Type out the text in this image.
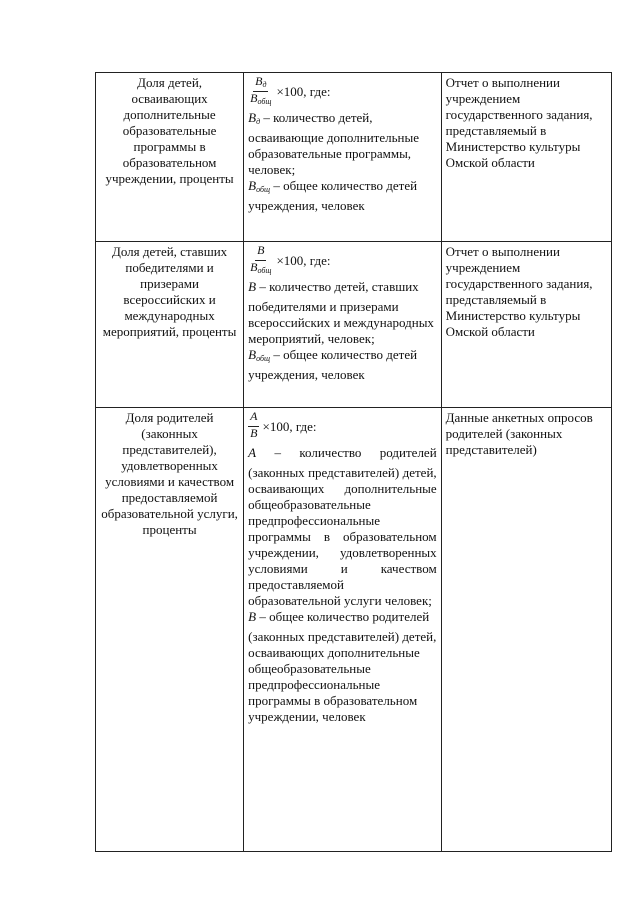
Доля детей, осваивающих дополнительные образовательные программы в образовательном учреждении, проценты	$\frac{B_д}{B_{общ}} \times 100$, где:
$B_д$ – количество детей, осваивающие дополнительные образовательные программы, человек;
$B_{общ}$ – общее количество детей учреждения, человек	Отчет о выполнении учреждением государственного задания, представляемый в Министерство культуры Омской области
Доля детей, ставших победителями и призерами всероссийских и международных мероприятий, проценты	$\frac{B}{B_{общ}} \times 100$, где:
B – количество детей, ставших победителями и призерами всероссийских и международных мероприятий, человек;
$B_{общ}$ – общее количество детей учреждения, человек	Отчет о выполнении учреждением государственного задания, представляемый в Министерство культуры Омской области
Доля родителей (законных представителей), удовлетворенных условиями и качеством предоставляемой образовательной услуги, проценты	$\frac{A}{B} \times 100$, где:
A – количество родителей (законных представителей) детей, осваивающих дополнительные общеобразовательные предпрофессиональные программы в образовательном учреждении, удовлетворенных условиями и качеством предоставляемой образовательной услуги человек;
B – общее количество родителей (законных представителей) детей, осваивающих дополнительные общеобразовательные предпрофессиональные программы в образовательном учреждении, человек	Данные анкетных опросов родителей (законных представителей)
